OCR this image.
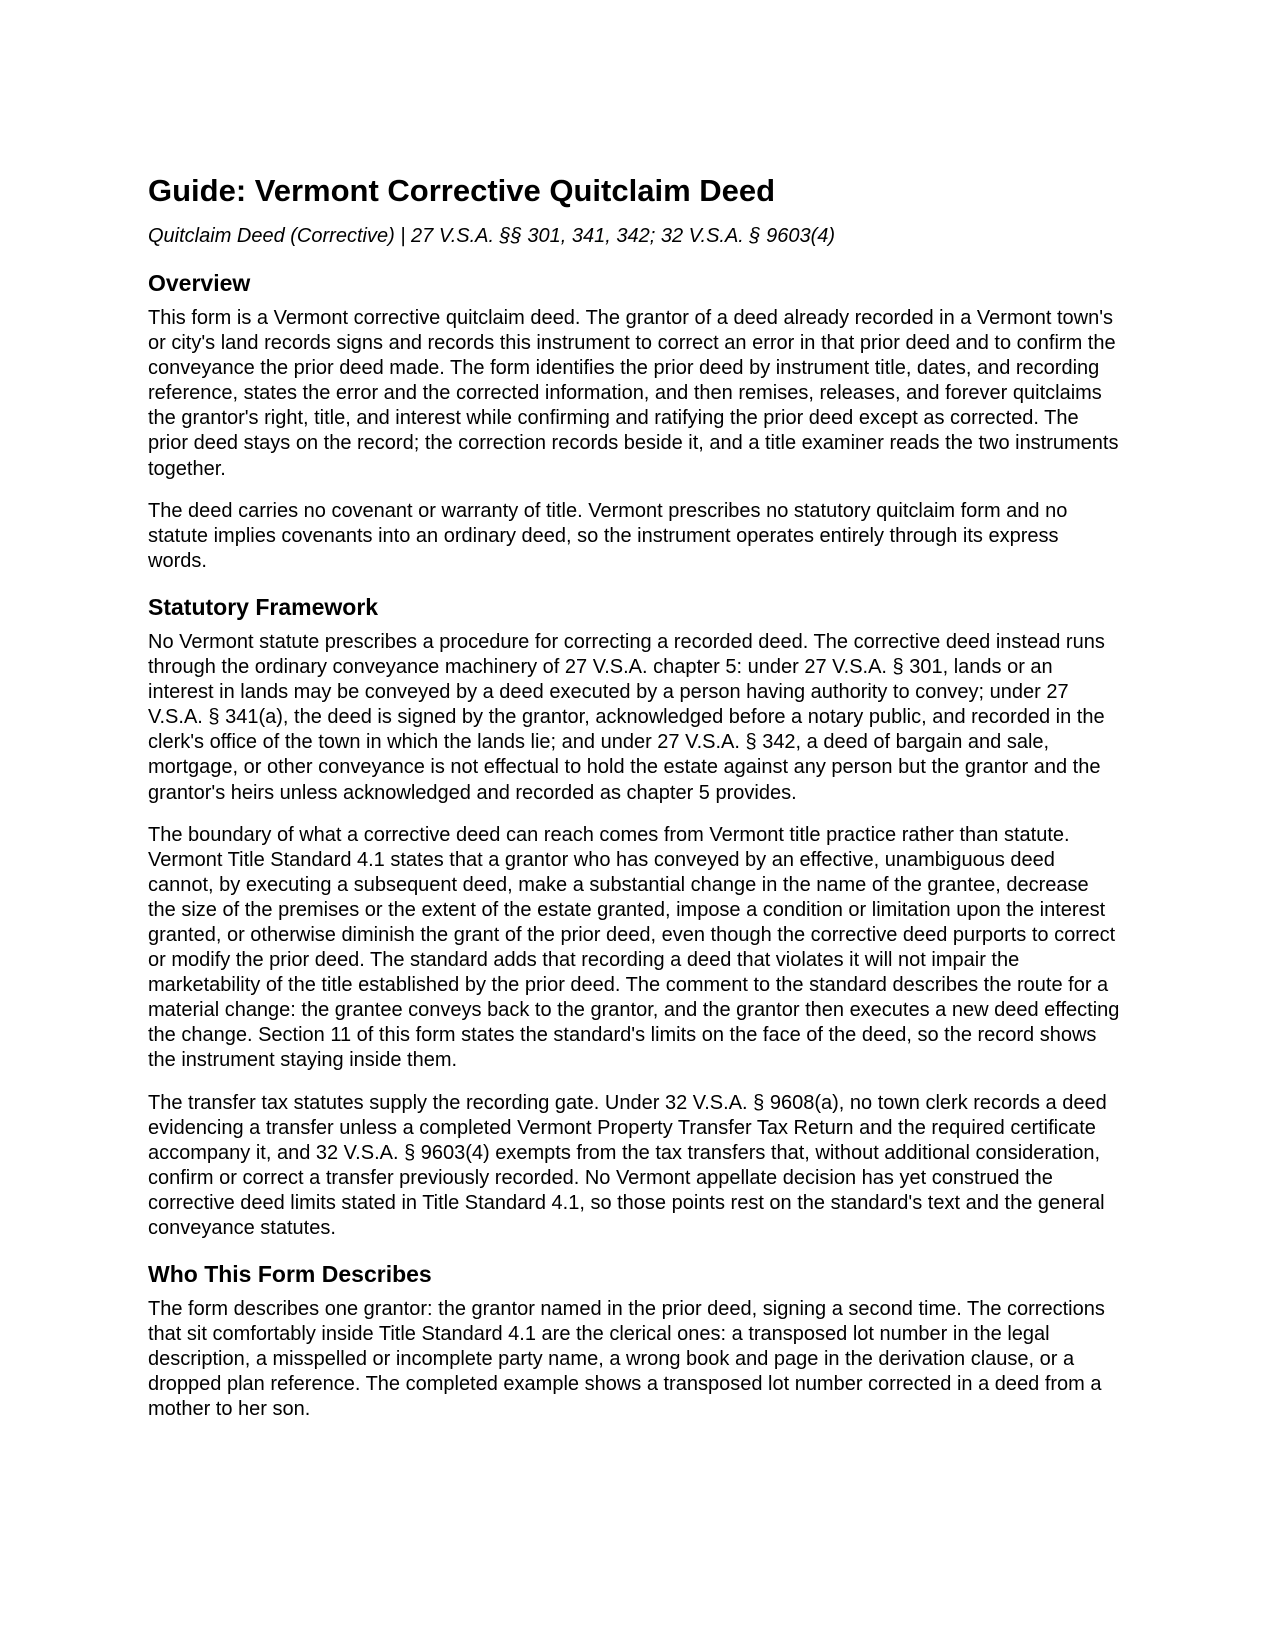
Guide: Vermont Corrective Quitclaim Deed
Quitclaim Deed (Corrective) | 27 V.S.A. §§ 301, 341, 342; 32 V.S.A. § 9603(4)
Overview

This form is a Vermont corrective quitclaim deed. The grantor of a deed already recorded in a Vermont town's or city's land records signs and records this instrument to correct an error in that prior deed and to confirm the conveyance the prior deed made. The form identifies the prior deed by instrument title, dates, and recording reference, states the error and the corrected information, and then remises, releases, and forever quitclaims the grantor's right, title, and interest while confirming and ratifying the prior deed except as corrected. The prior deed stays on the record; the correction records beside it, and a title examiner reads the two instruments together.

The deed carries no covenant or warranty of title. Vermont prescribes no statutory quitclaim form and no statute implies covenants into an ordinary deed, so the instrument operates entirely through its express words.

Statutory Framework

No Vermont statute prescribes a procedure for correcting a recorded deed. The corrective deed instead runs through the ordinary conveyance machinery of 27 V.S.A. chapter 5: under 27 V.S.A. § 301, lands or an interest in lands may be conveyed by a deed executed by a person having authority to convey; under 27 V.S.A. § 341(a), the deed is signed by the grantor, acknowledged before a notary public, and recorded in the clerk's office of the town in which the lands lie; and under 27 V.S.A. § 342, a deed of bargain and sale, mortgage, or other conveyance is not effectual to hold the estate against any person but the grantor and the grantor's heirs unless acknowledged and recorded as chapter 5 provides.

The boundary of what a corrective deed can reach comes from Vermont title practice rather than statute. Vermont Title Standard 4.1 states that a grantor who has conveyed by an effective, unambiguous deed cannot, by executing a subsequent deed, make a substantial change in the name of the grantee, decrease the size of the premises or the extent of the estate granted, impose a condition or limitation upon the interest granted, or otherwise diminish the grant of the prior deed, even though the corrective deed purports to correct or modify the prior deed. The standard adds that recording a deed that violates it will not impair the marketability of the title established by the prior deed. The comment to the standard describes the route for a material change: the grantee conveys back to the grantor, and the grantor then executes a new deed effecting the change. Section 11 of this form states the standard's limits on the face of the deed, so the record shows the instrument staying inside them.

The transfer tax statutes supply the recording gate. Under 32 V.S.A. § 9608(a), no town clerk records a deed evidencing a transfer unless a completed Vermont Property Transfer Tax Return and the required certificate accompany it, and 32 V.S.A. § 9603(4) exempts from the tax transfers that, without additional consideration, confirm or correct a transfer previously recorded. No Vermont appellate decision has yet construed the corrective deed limits stated in Title Standard 4.1, so those points rest on the standard's text and the general conveyance statutes.

Who This Form Describes

The form describes one grantor: the grantor named in the prior deed, signing a second time. The corrections that sit comfortably inside Title Standard 4.1 are the clerical ones: a transposed lot number in the legal description, a misspelled or incomplete party name, a wrong book and page in the derivation clause, or a dropped plan reference. The completed example shows a transposed lot number corrected in a deed from a mother to her son.
